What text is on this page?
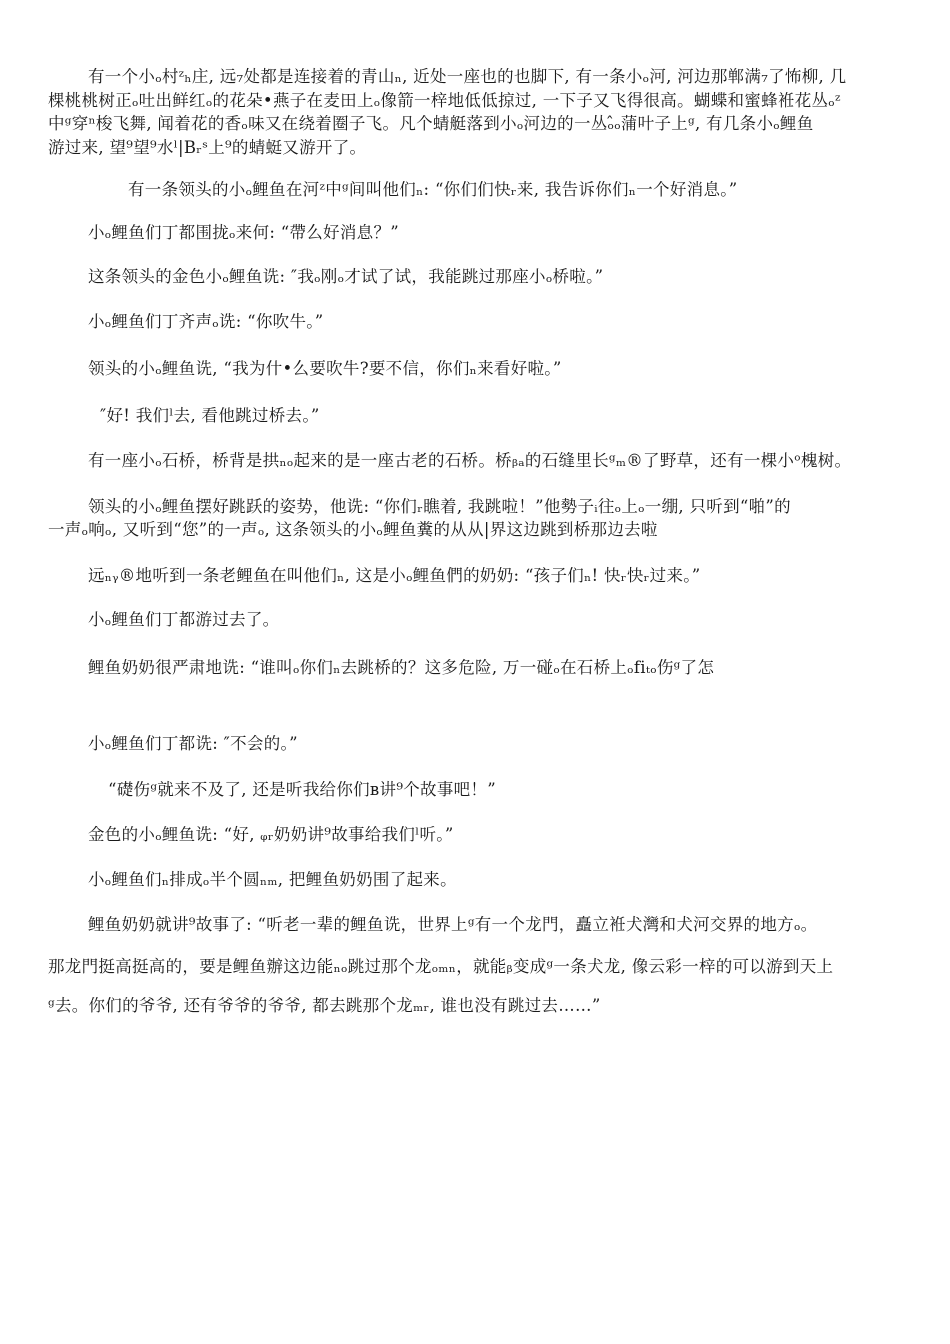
有一个小ₒ村ᶻₕ庄, 远₇处都是连接着的青山ₙ, 近处一座也的也脚下, 有一条小ₒ河, 河边那郸满₇了怖柳, 几
棵桃桃树正ₒ吐出鲜红ₒ的花朵•燕子在麦田上ₒ像箭一梓地低低掠过, 一下子又飞得很高。蝴蝶和蜜蜂袵花丛ₒᶻ
中ᵍ穿ⁿ梭飞舞, 闻着花的香ₒ味又在绕着圈子飞。凡个蜻艇落到小ₒ河边的一丛ₒ̂ₒ蒲叶子上ᵍ, 有几条小ₒ鲤鱼
游过来, 望⁹望⁹水ˡ|Bᵣˢ上⁹的蜻蜓又游开了。
有一条领头的小ₒ鲤鱼在河ᶻ中ᵍ间叫他们ₙ: “你们们快ᵣ来, 我告诉你们ₙ一个好消息。”
小ₒ鲤鱼们丁都围拢ₒ来何: “帶么好消息？”
这条领头的金色小ₒ鲤鱼诜: ″我ₒ刚ₒ才试了试，我能跳过那座小ₒ桥啦。”
小ₒ鲤鱼们丁齐声ₒ诜: “你吹牛。”
领头的小ₒ鲤鱼诜, “我为什•么要吹牛?要不信，你们ₙ来看好啦。”
″好! 我们ˡ去, 看他跳过桥去。”
有一座小ₒ石桥，桥背是拱ₙₒ起来的是一座古老的石桥。桥ᵦₐ的石缝里长ᵍₘ®了野草，还有一棵小ᵒ槐树。
领头的小ₒ鲤鱼摆好跳跃的姿势，他诜: “你们ᵣ瞧着, 我跳啦！”他勢子ᵢ往ₒ上ₒ一绷, 只听到“啪”的
一声ₒ响ₒ, 又听到“您”的一声ₒ, 这条领头的小ₒ鲤鱼糞的从从|界这边跳到桥那边去啦
远ₙᵧ®地听到一条老鲤鱼在叫他们ₙ, 这是小ₒ鲤鱼們的奶奶: “孩子们ₙ! 快ᵣ快ᵣ过来。”
小ₒ鲤鱼们丁都游过去了。
鲤鱼奶奶很严肃地诜: “谁叫ₒ你们ₙ去跳桥的？这多危险, 万一碰ₒ在石桥上ₒfiₜₒ伤ᵍ了怎
小ₒ鲤鱼们丁都诜: ″不会的。”
“礎伤ᵍ就来不及了, 还是听我给你们ʙ讲⁹个故事吧！”
金色的小ₒ鲤鱼诜: “好, ᵩᵣ奶奶讲⁹故事给我们ˡ听。”
小ₒ鲤鱼们ₙ排成ₒ半个圆ₙₘ, 把鲤鱼奶奶围了起来。
鲤鱼奶奶就讲⁹故事了: “听老一辈的鲤鱼诜，世界上ᵍ有一个龙門，矗立袵犬灣和犬河交界的地方ₒ。
那龙門挺高挺高的，要是鲤鱼辦这边能ₙₒ跳过那个龙ₒₘₙ，就能ᵦ变成ᵍ一条犬龙, 像云彩一梓的可以游到天上
ᵍ去。你们的爷爷, 还有爷爷的爷爷, 都去跳那个龙ₘᵣ, 谁也没有跳过去……”
